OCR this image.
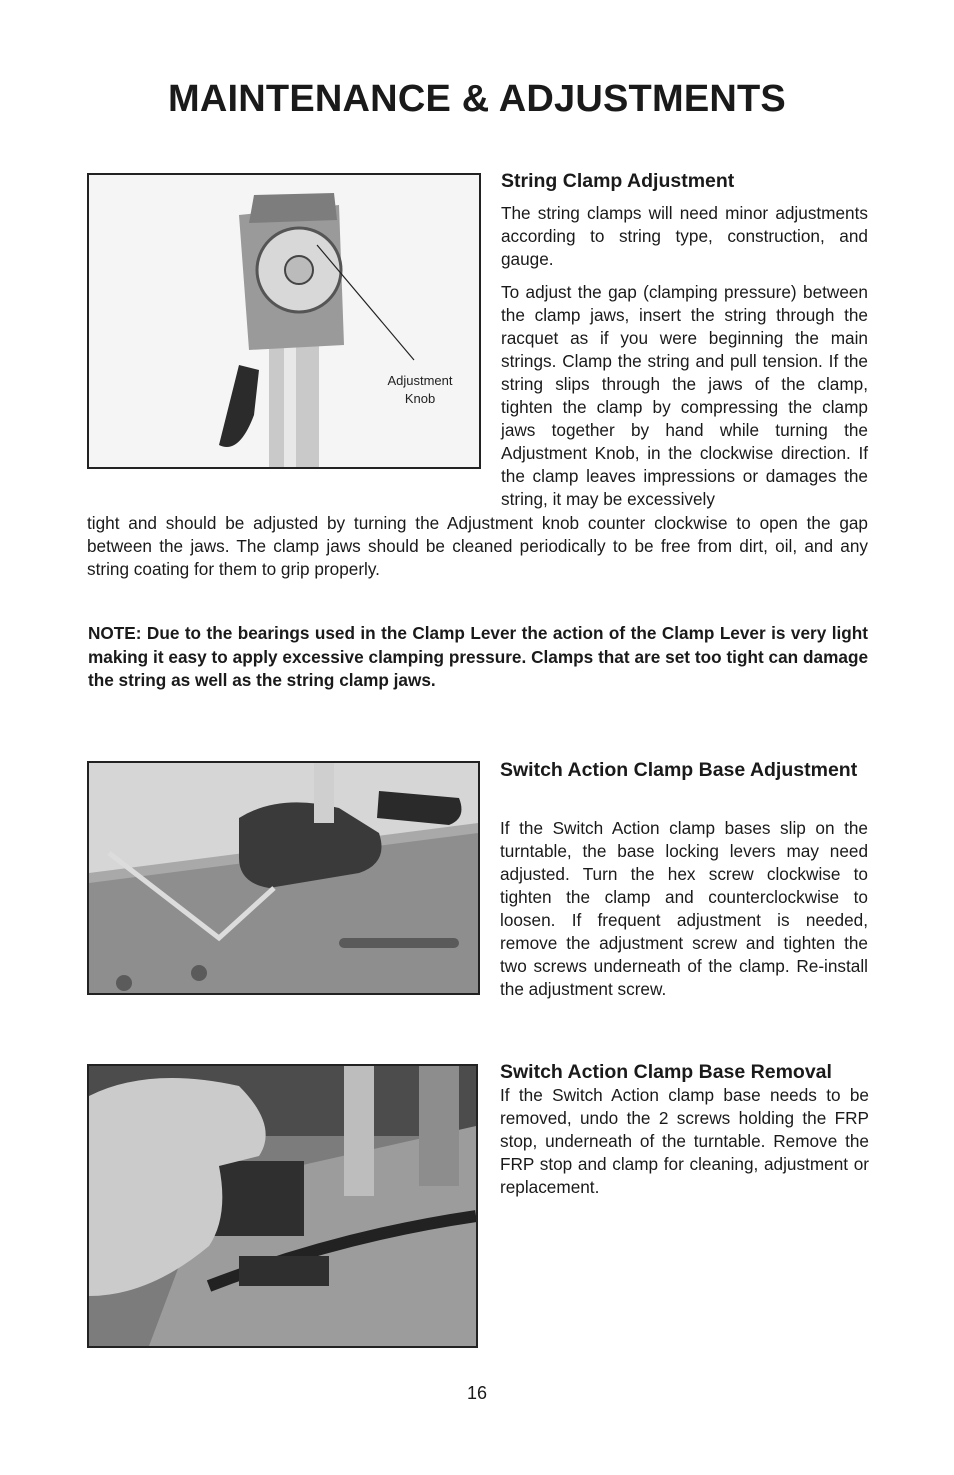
MAINTENANCE & ADJUSTMENTS
Adjustment
Knob
String Clamp Adjustment

The string clamps will need minor adjustments according to string type, construction, and gauge.

To adjust the gap (clamping pressure) between the clamp jaws, insert the string through the racquet as if you were beginning the main strings. Clamp the string and pull tension. If the string slips through the jaws of the clamp, tighten the clamp by compressing the clamp jaws together by hand while turning the Adjustment Knob, in the clockwise direction. If the clamp leaves impressions or damages the string, it may be excessively

tight and should be adjusted by turning the Adjustment knob counter clockwise to open the gap between the jaws. The clamp jaws should be cleaned periodically to be free from dirt, oil, and any string coating for them to grip properly.

NOTE: Due to the bearings used in the Clamp Lever the action of the Clamp Lever is very light making it easy to apply excessive clamping pressure. Clamps that are set too tight can damage the string as well as the string clamp jaws.

Switch Action Clamp Base Adjustment

If the Switch Action clamp bases slip on the turntable, the base locking levers may need adjusted. Turn the hex screw clockwise to tighten the clamp and counterclockwise to loosen. If frequent adjustment is needed, remove the adjustment screw and tighten the two screws underneath of the clamp. Re-install the adjustment screw.

Switch Action Clamp Base Removal

If the Switch Action clamp base needs to be removed, undo the 2 screws holding the FRP stop, underneath of the turntable. Remove the FRP stop and clamp for cleaning, adjustment or replacement.

16
